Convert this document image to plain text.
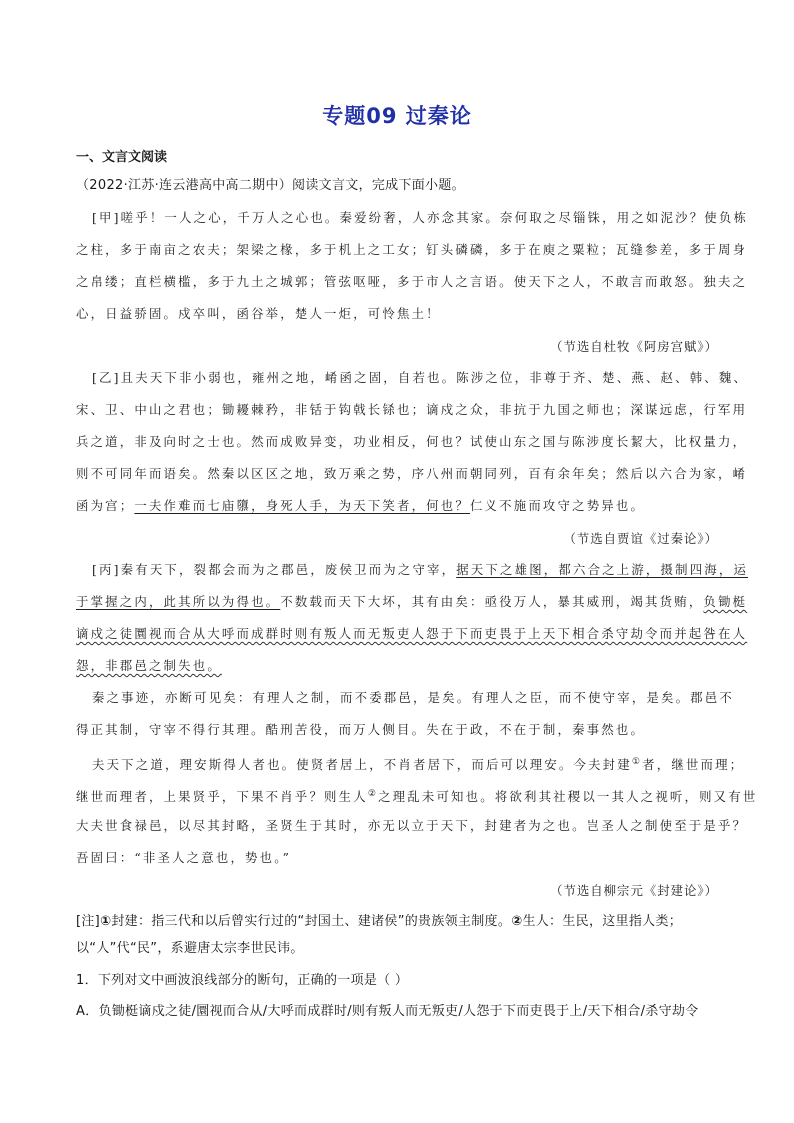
专题09 过秦论
一、文言文阅读
（2022·江苏·连云港高中高二期中）阅读文言文，完成下面小题。
[甲]嗟乎！一人之心，千万人之心也。秦爱纷奢，人亦念其家。奈何取之尽锱铢，用之如泥沙？使负栋
之柱，多于南亩之农夫；架梁之椽，多于机上之工女；钉头磷磷，多于在庾之粟粒；瓦缝参差，多于周身
之帛缕；直栏横槛，多于九土之城郭；管弦呕哑，多于市人之言语。使天下之人，不敢言而敢怒。独夫之
心，日益骄固。戍卒叫，函谷举，楚人一炬，可怜焦土！
（节选自杜牧《阿房宫赋》）
[乙]且夫天下非小弱也，雍州之地，崤函之固，自若也。陈涉之位，非尊于齐、楚、燕、赵、韩、魏、
宋、卫、中山之君也；锄耰棘矜，非铦于钩戟长铩也；谪戍之众，非抗于九国之师也；深谋远虑，行军用
兵之道，非及向时之士也。然而成败异变，功业相反，何也？试使山东之国与陈涉度长絜大，比权量力，
则不可同年而语矣。然秦以区区之地，致万乘之势，序八州而朝同列，百有余年矣；然后以六合为家，崤
函为宫；一夫作难而七庙隳，身死人手，为天下笑者，何也？仁义不施而攻守之势异也。
（节选自贾谊《过秦论》）
[丙]秦有天下，裂都会而为之郡邑，废侯卫而为之守宰，据天下之雄图，都六合之上游，摄制四海，运
于掌握之内，此其所以为得也。不数载而天下大坏，其有由矣：亟役万人，暴其威刑，竭其货贿，负锄梃
谪戍之徒圜视而合从大呼而成群时则有叛人而无叛吏人怨于下而吏畏于上天下相合杀守劫令而并起咎在人
怨，非郡邑之制失也。
秦之事迹，亦断可见矣：有理人之制，而不委郡邑，是矣。有理人之臣，而不使守宰，是矣。郡邑不
得正其制，守宰不得行其理。酷刑苦役，而万人侧目。失在于政，不在于制，秦事然也。
夫天下之道，理安斯得人者也。使贤者居上，不肖者居下，而后可以理安。今夫封建①者，继世而理；
继世而理者，上果贤乎，下果不肖乎？则生人②之理乱未可知也。将欲利其社稷以一其人之视听，则又有世
大夫世食禄邑，以尽其封略，圣贤生于其时，亦无以立于天下，封建者为之也。岂圣人之制使至于是乎？
吾固曰：“非圣人之意也，势也。”
（节选自柳宗元《封建论》）
[注]①封建：指三代和以后曾实行过的“封国土、建诸侯”的贵族领主制度。②生人：生民，这里指人类；
以“人”代“民”，系避唐太宗李世民讳。
1．下列对文中画波浪线部分的断句，正确的一项是（ ）
A．负锄梃谪戍之徒/圜视而合从/大呼而成群时/则有叛人而无叛吏/人怨于下而吏畏于上/天下相合/杀守劫令
